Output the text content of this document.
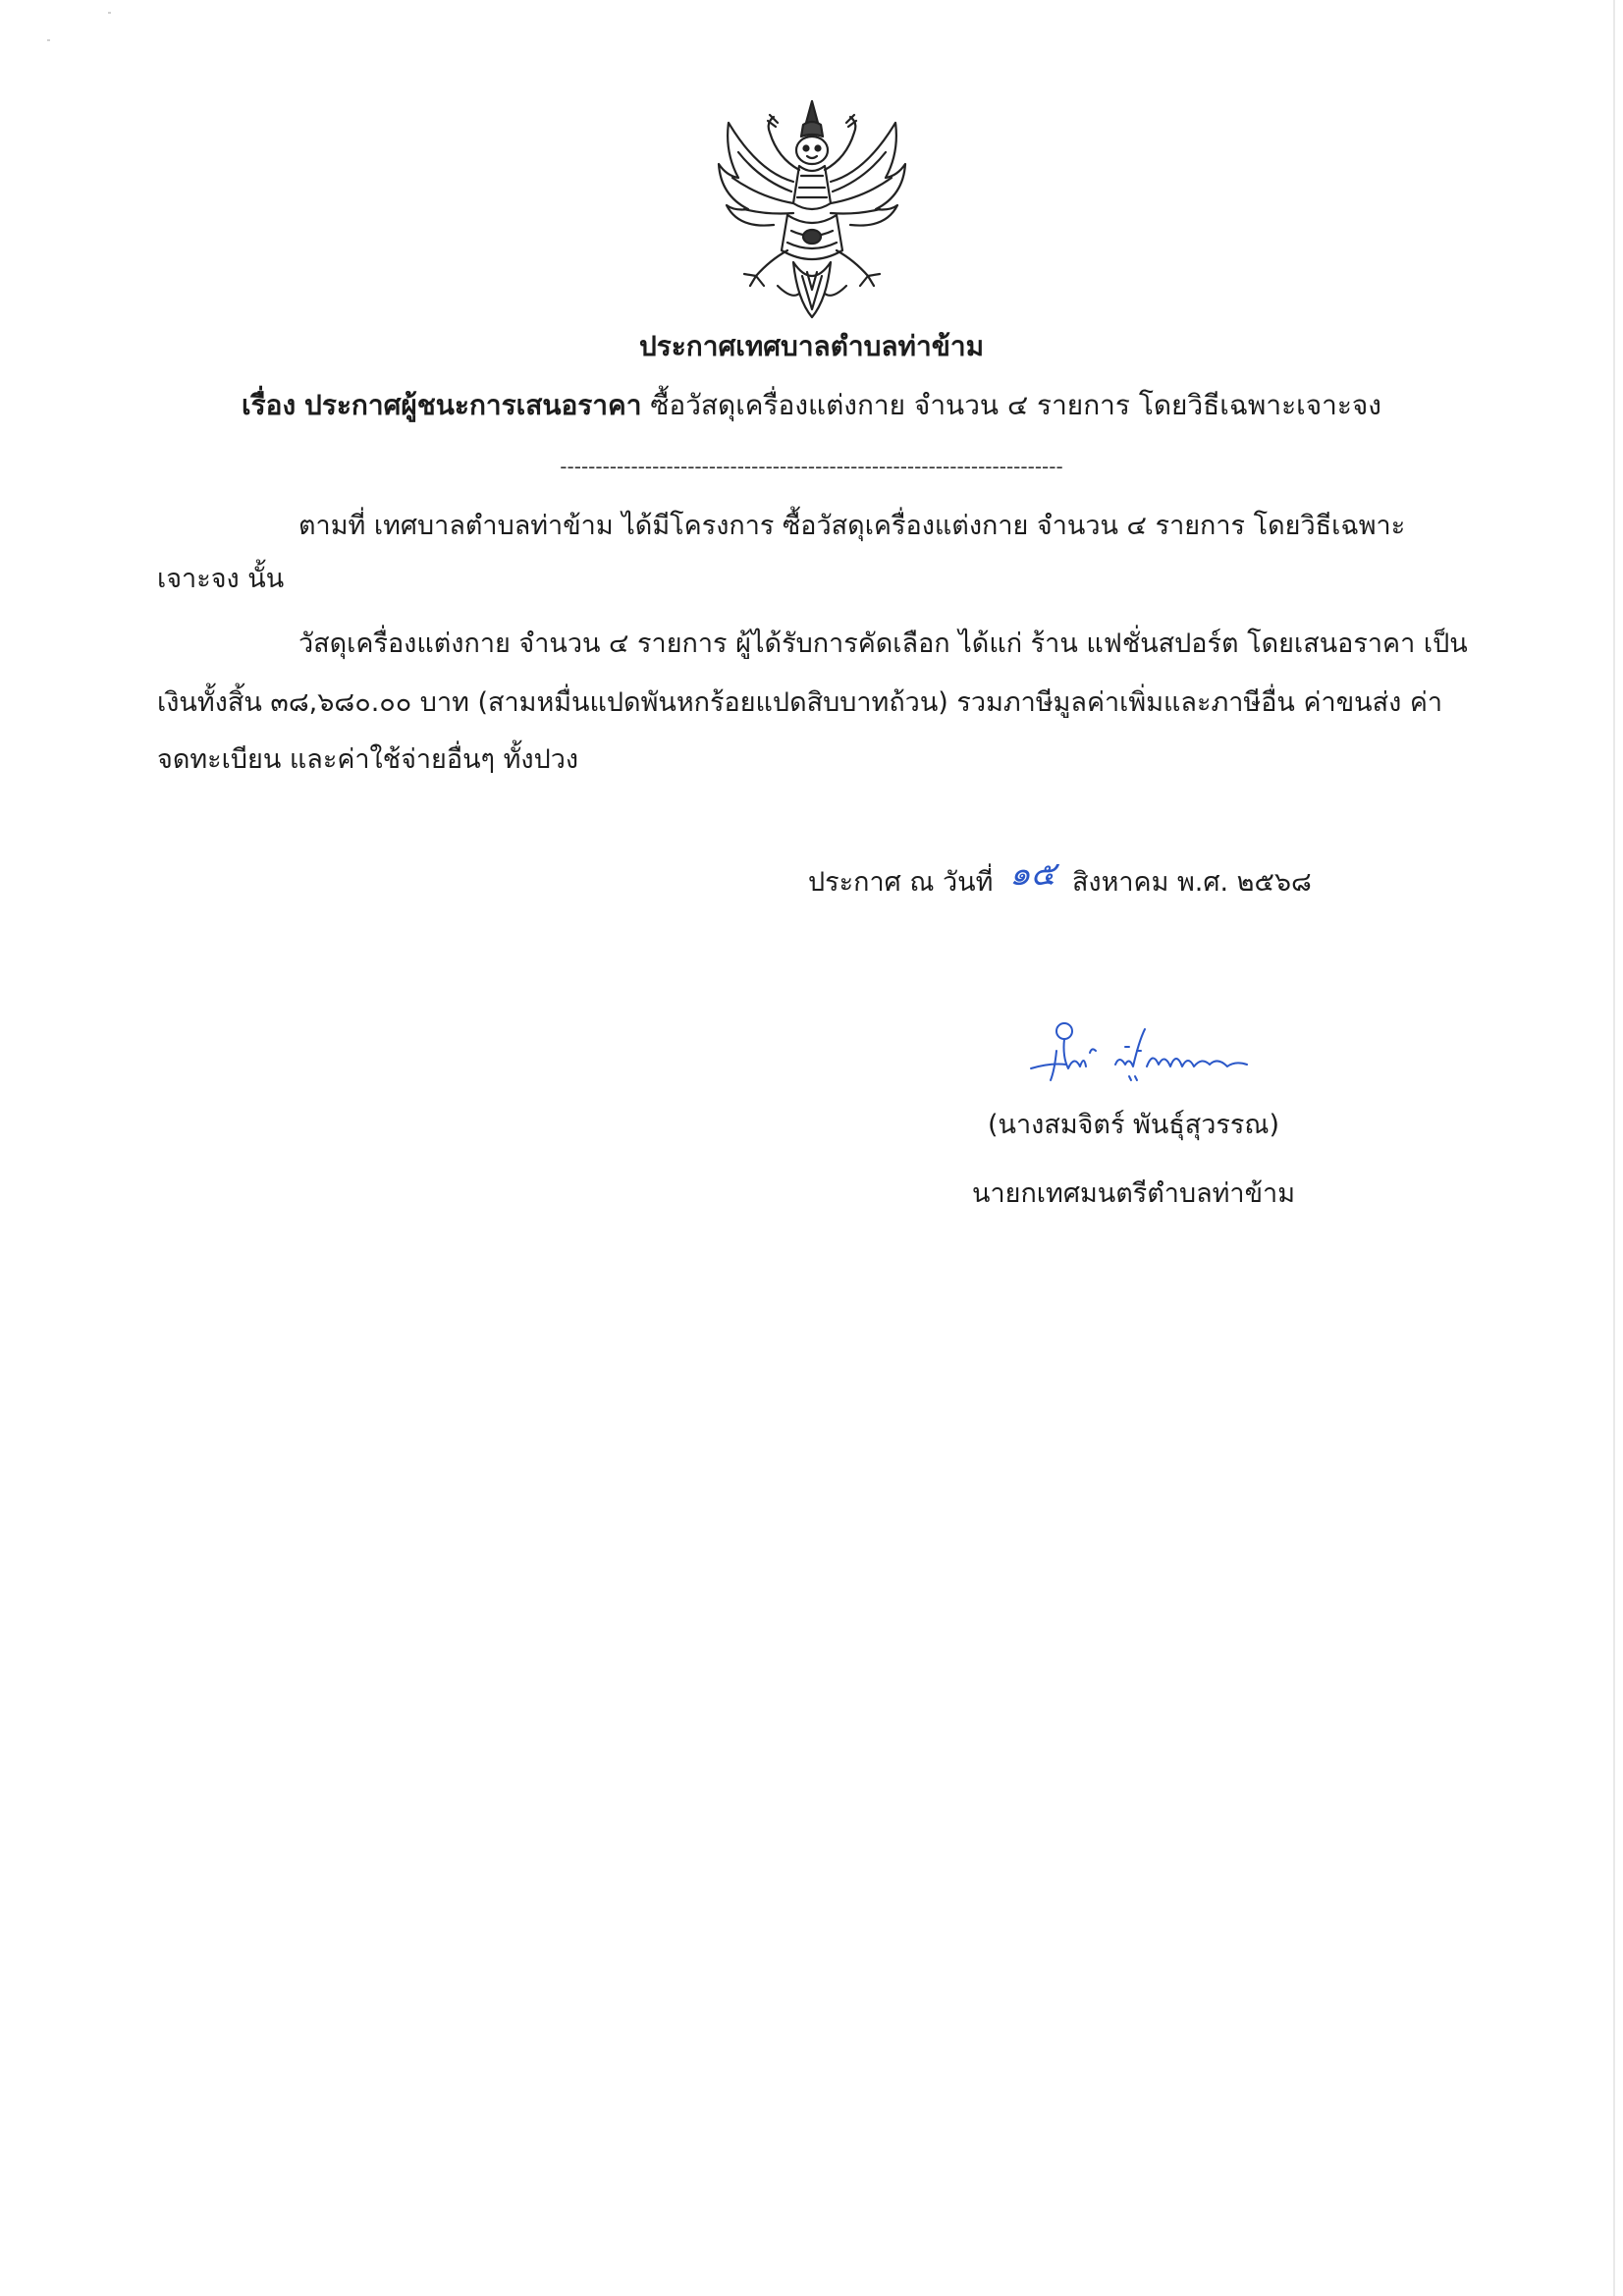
ประกาศเทศบาลตำบลท่าข้าม
เรื่อง ประกาศผู้ชนะการเสนอราคา ซื้อวัสดุเครื่องแต่งกาย จำนวน ๔ รายการ โดยวิธีเฉพาะเจาะจง
-----------------------------------------------------------------------
ตามที่ เทศบาลตำบลท่าข้าม ได้มีโครงการ ซื้อวัสดุเครื่องแต่งกาย จำนวน ๔ รายการ โดยวิธีเฉพาะ
เจาะจง นั้น
วัสดุเครื่องแต่งกาย จำนวน ๔ รายการ ผู้ได้รับการคัดเลือก ได้แก่ ร้าน แฟชั่นสปอร์ต โดยเสนอราคา เป็น
เงินทั้งสิ้น ๓๘,๖๘๐.๐๐ บาท (สามหมื่นแปดพันหกร้อยแปดสิบบาทถ้วน) รวมภาษีมูลค่าเพิ่มและภาษีอื่น ค่าขนส่ง ค่า
จดทะเบียน และค่าใช้จ่ายอื่นๆ ทั้งปวง
ประกาศ ณ วันที่ ๑๕ สิงหาคม พ.ศ. ๒๕๖๘
(นางสมจิตร์ พันธุ์สุวรรณ)
นายกเทศมนตรีตำบลท่าข้าม
